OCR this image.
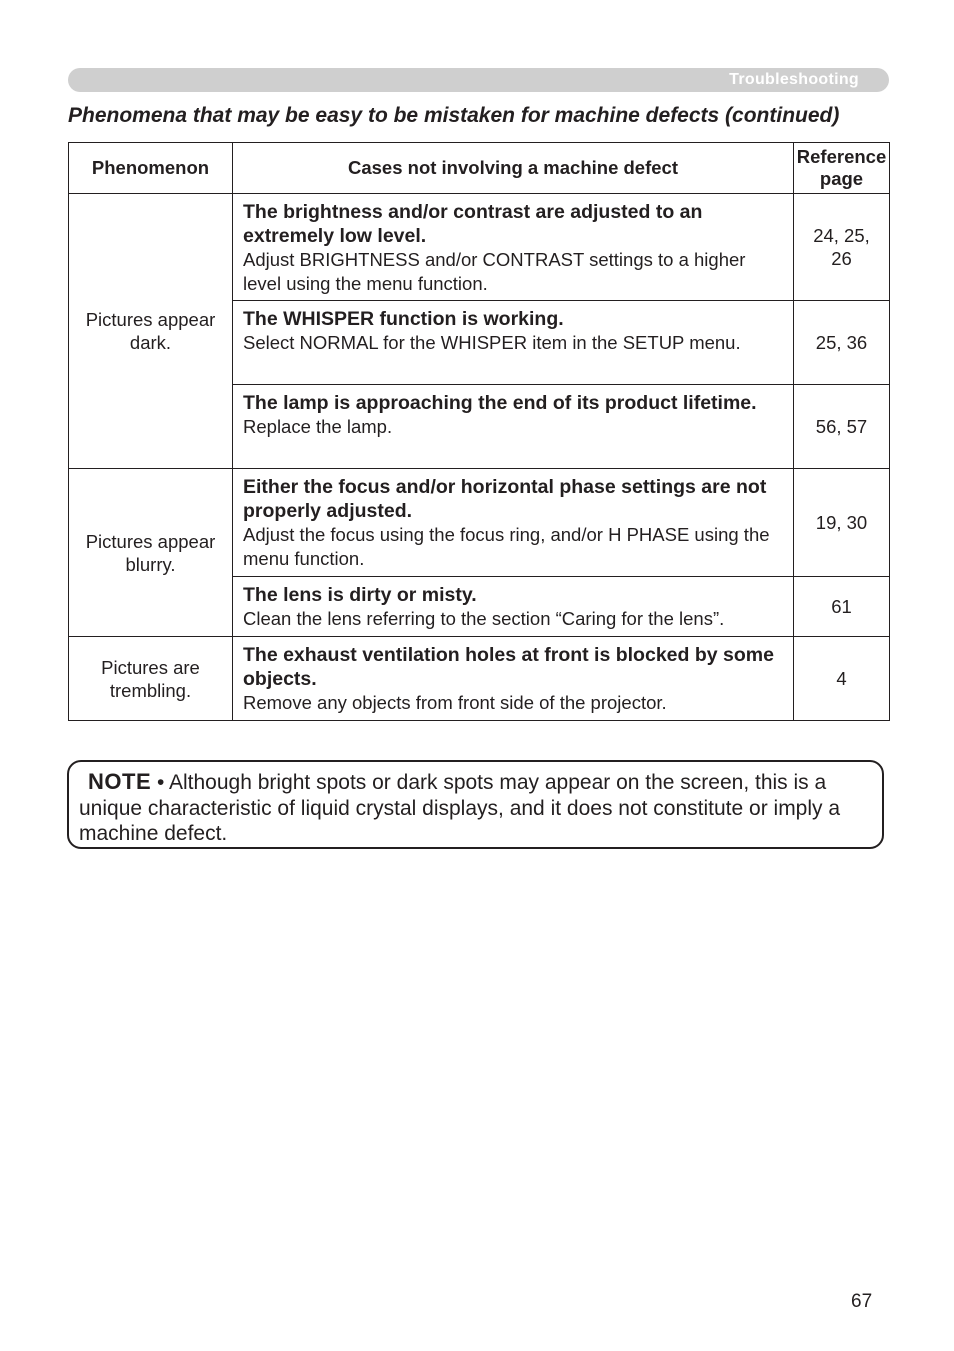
Troubleshooting
Phenomena that may be easy to be mistaken for machine defects (continued)
Phenomenon	Cases not involving a machine defect	Reference
page

Pictures appear dark.	The brightness and/or contrast are adjusted to an extremely low level.
Adjust BRIGHTNESS and/or CONTRAST settings to a higher level using the menu function.	24, 25, 26

	The WHISPER function is working.
Select NORMAL for the WHISPER item in the SETUP menu.	25, 36

	The lamp is approaching the end of its product lifetime.
Replace the lamp.	56, 57

Pictures appear blurry.	Either the focus and/or horizontal phase settings are not properly adjusted.
Adjust the focus using the focus ring, and/or H PHASE using the menu function.	19, 30

	The lens is dirty or misty.
Clean the lens referring to the section “Caring for the lens”.	61

Pictures are trembling.	The exhaust ventilation holes at front is blocked by some objects.
Remove any objects from front side of the projector.	4
NOTE • Although bright spots or dark spots may appear on the screen, this is a unique characteristic of liquid crystal displays, and it does not constitute or imply a machine defect.
67
